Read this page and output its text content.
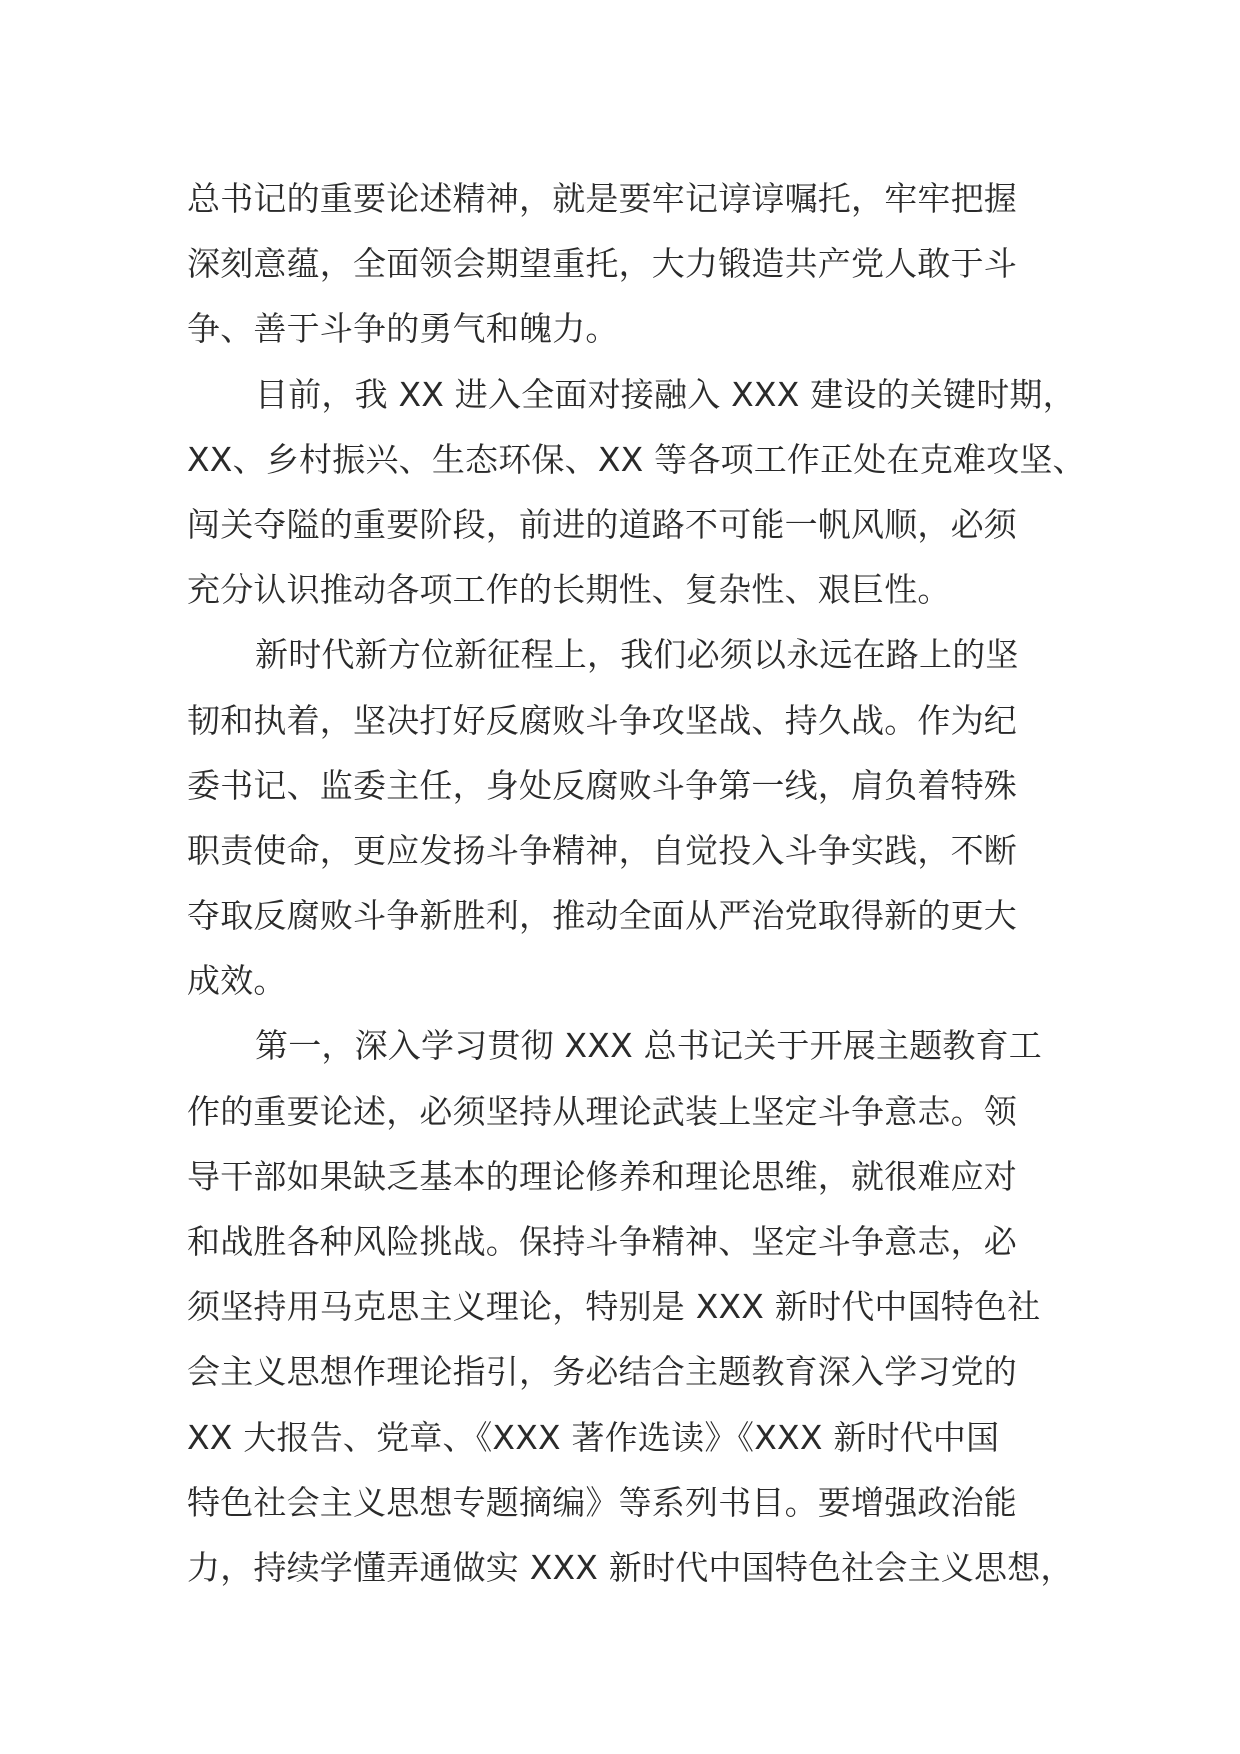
总书记的重要论述精神，就是要牢记谆谆嘱托，牢牢把握
深刻意蕴，全面领会期望重托，大力锻造共产党人敢于斗
争、善于斗争的勇气和魄力。
目前，我 XX 进入全面对接融入 XXX 建设的关键时期，
XX、乡村振兴、生态环保、XX 等各项工作正处在克难攻坚、
闯关夺隘的重要阶段，前进的道路不可能一帆风顺，必须
充分认识推动各项工作的长期性、复杂性、艰巨性。
新时代新方位新征程上，我们必须以永远在路上的坚
韧和执着，坚决打好反腐败斗争攻坚战、持久战。作为纪
委书记、监委主任，身处反腐败斗争第一线，肩负着特殊
职责使命，更应发扬斗争精神，自觉投入斗争实践，不断
夺取反腐败斗争新胜利，推动全面从严治党取得新的更大
成效。
第一，深入学习贯彻 XXX 总书记关于开展主题教育工
作的重要论述，必须坚持从理论武装上坚定斗争意志。领
导干部如果缺乏基本的理论修养和理论思维，就很难应对
和战胜各种风险挑战。保持斗争精神、坚定斗争意志，必
须坚持用马克思主义理论，特别是 XXX 新时代中国特色社
会主义思想作理论指引，务必结合主题教育深入学习党的
XX 大报告、党章、《XXX 著作选读》《XXX 新时代中国
特色社会主义思想专题摘编》等系列书目。要增强政治能
力，持续学懂弄通做实 XXX 新时代中国特色社会主义思想，
